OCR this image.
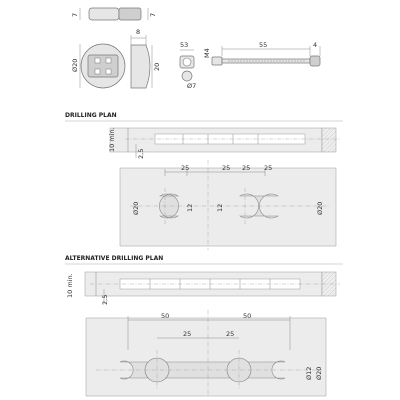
7	7
Ø20
8
20
53
M4
Ø7
55	4
DRILLING PLAN
10 min.
2,5
25	25 25 25
Ø20	12	12	Ø20
ALTERNATIVE DRILLING PLAN
10 min.
2,5
50	50
25	25
Ø12 Ø20
